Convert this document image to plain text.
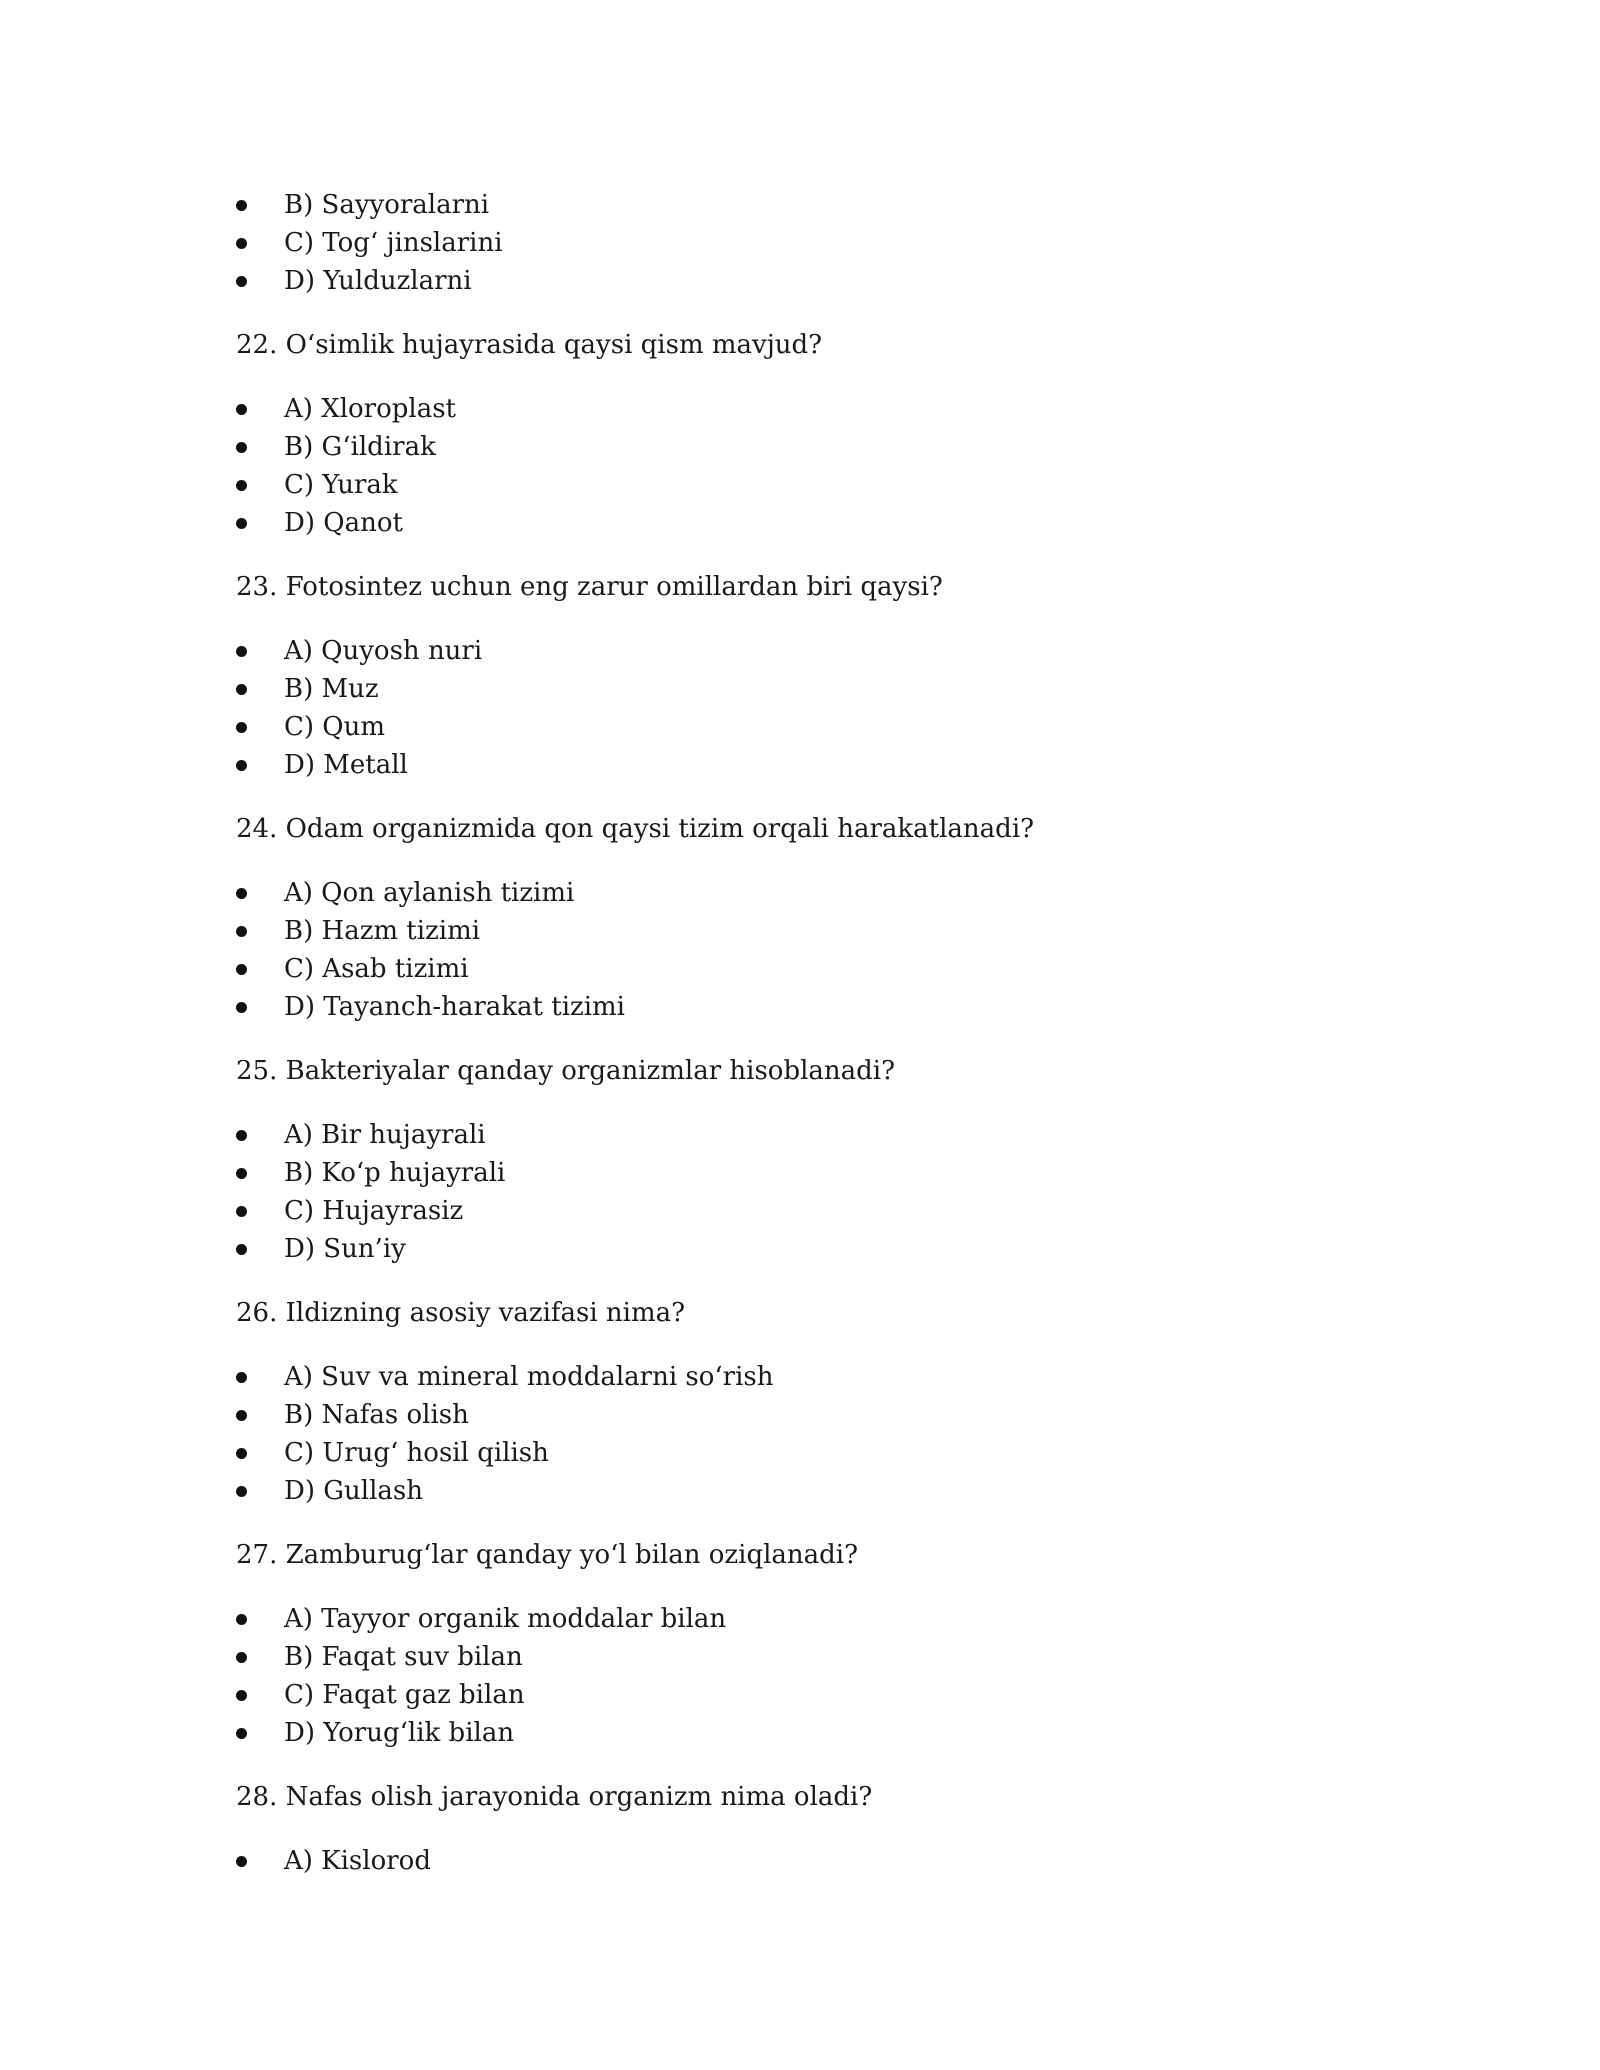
B) Sayyoralarni
C) Tog‘ jinslarini
D) Yulduzlarni
22. O‘simlik hujayrasida qaysi qism mavjud?
A) Xloroplast
B) G‘ildirak
C) Yurak
D) Qanot
23. Fotosintez uchun eng zarur omillardan biri qaysi?
A) Quyosh nuri
B) Muz
C) Qum
D) Metall
24. Odam organizmida qon qaysi tizim orqali harakatlanadi?
A) Qon aylanish tizimi
B) Hazm tizimi
C) Asab tizimi
D) Tayanch-harakat tizimi
25. Bakteriyalar qanday organizmlar hisoblanadi?
A) Bir hujayrali
B) Ko‘p hujayrali
C) Hujayrasiz
D) Sun’iy
26. Ildizning asosiy vazifasi nima?
A) Suv va mineral moddalarni so‘rish
B) Nafas olish
C) Urug‘ hosil qilish
D) Gullash
27. Zamburug‘lar qanday yo‘l bilan oziqlanadi?
A) Tayyor organik moddalar bilan
B) Faqat suv bilan
C) Faqat gaz bilan
D) Yorug‘lik bilan
28. Nafas olish jarayonida organizm nima oladi?
A) Kislorod
